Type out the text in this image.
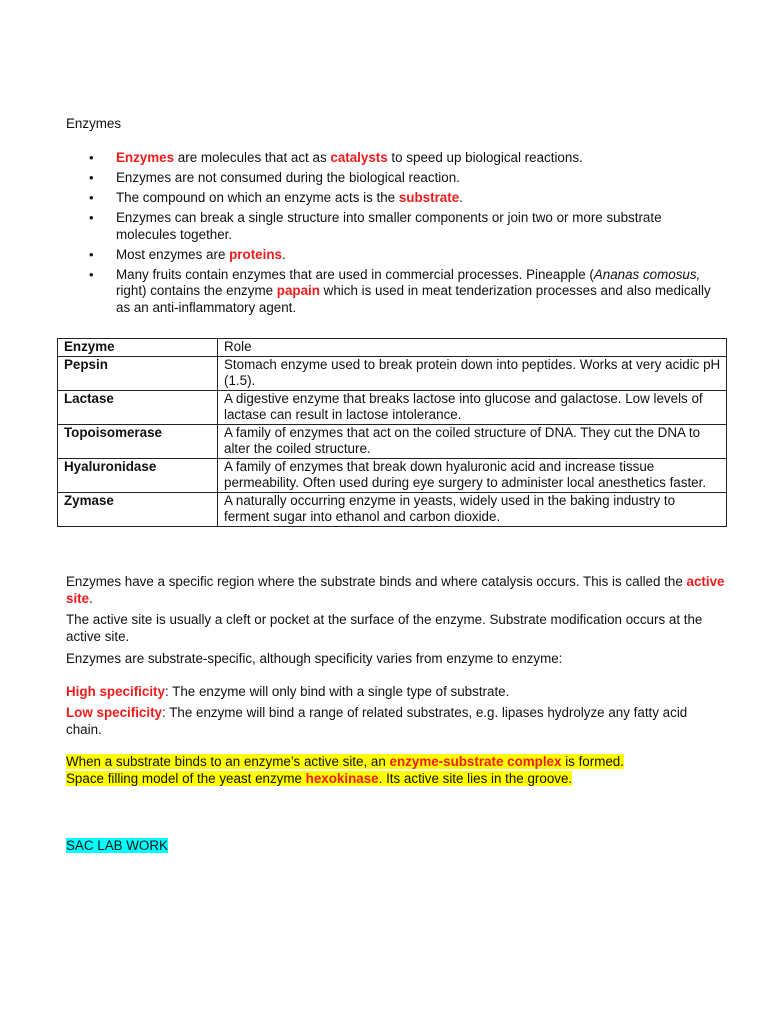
Enzymes
• Enzymes are molecules that act as catalysts to speed up biological reactions.
• Enzymes are not consumed during the biological reaction.
• The compound on which an enzyme acts is the substrate.
• Enzymes can break a single structure into smaller components or join two or more substrate molecules together.
• Most enzymes are proteins.
• Many fruits contain enzymes that are used in commercial processes. Pineapple (Ananas comosus, right) contains the enzyme papain which is used in meat tenderization processes and also medically as an anti-inflammatory agent.
Enzyme	Role
Pepsin	Stomach enzyme used to break protein down into peptides. Works at very acidic pH (1.5).
Lactase	A digestive enzyme that breaks lactose into glucose and galactose. Low levels of lactase can result in lactose intolerance.
Topoisomerase	A family of enzymes that act on the coiled structure of DNA. They cut the DNA to alter the coiled structure.
Hyaluronidase	A family of enzymes that break down hyaluronic acid and increase tissue permeability. Often used during eye surgery to administer local anesthetics faster.
Zymase	A naturally occurring enzyme in yeasts, widely used in the baking industry to ferment sugar into ethanol and carbon dioxide.

Enzymes have a specific region where the substrate binds and where catalysis occurs. This is called the active site.

The active site is usually a cleft or pocket at the surface of the enzyme. Substrate modification occurs at the active site.

Enzymes are substrate-specific, although specificity varies from enzyme to enzyme:

High specificity: The enzyme will only bind with a single type of substrate.

Low specificity: The enzyme will bind a range of related substrates, e.g. lipases hydrolyze any fatty acid chain.

When a substrate binds to an enzyme’s active site, an enzyme-substrate complex is formed.

Space filling model of the yeast enzyme hexokinase. Its active site lies in the groove.

SAC LAB WORK
